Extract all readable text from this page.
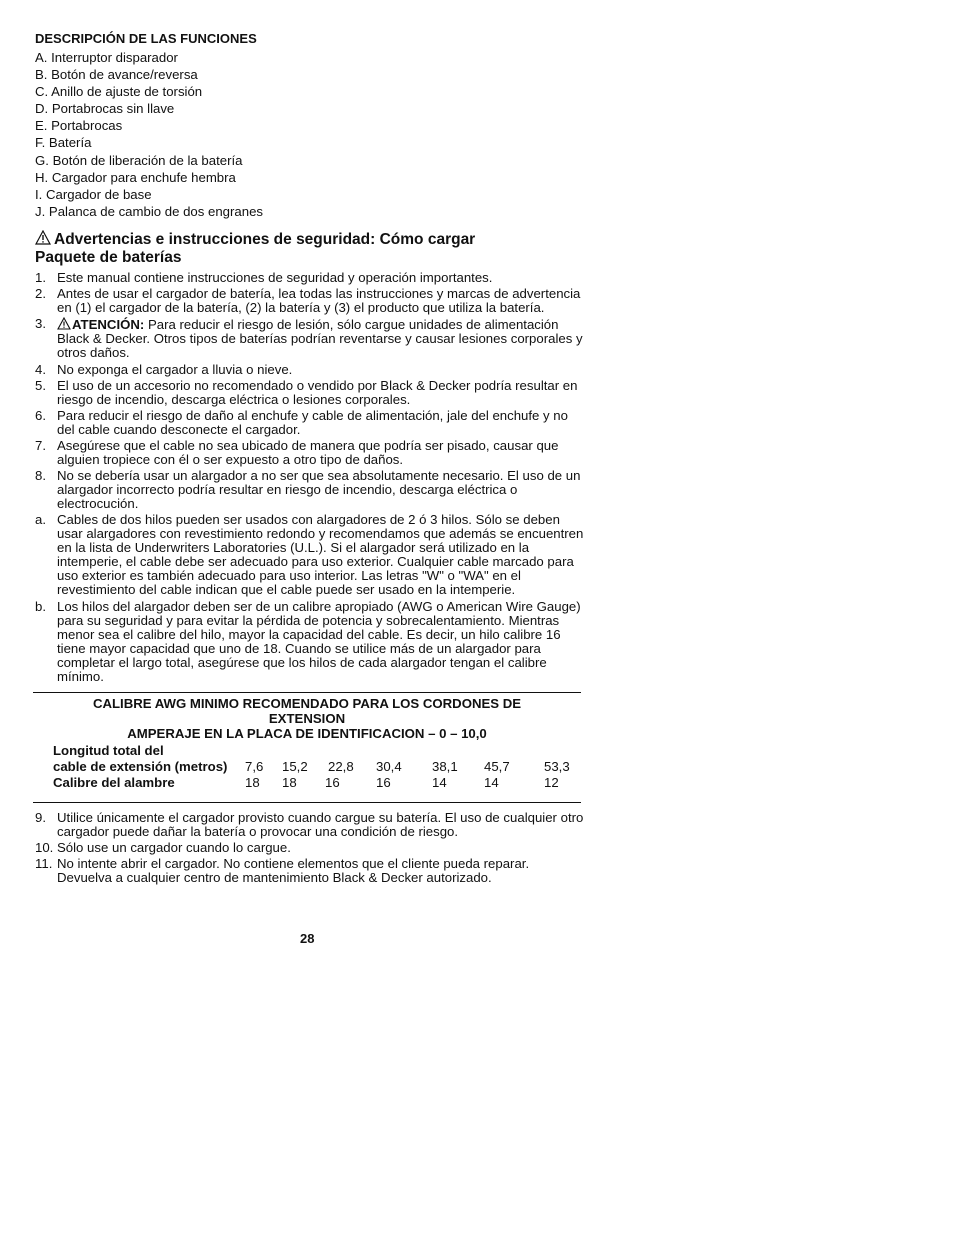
DESCRIPCIÓN DE LAS FUNCIONES
A. Interruptor disparador
B. Botón de avance/reversa
C. Anillo de ajuste de torsión
D. Portabrocas sin llave
E. Portabrocas
F. Batería
G. Botón de liberación de la batería
H. Cargador para enchufe hembra
I. Cargador de base
J. Palanca de cambio de dos engranes
Advertencias e instrucciones de seguridad: Cómo cargar
Paquete de baterías
1. Este manual contiene instrucciones de seguridad y operación importantes.
2. Antes de usar el cargador de batería, lea todas las instrucciones y marcas de advertencia en (1) el cargador de la batería, (2) la batería y (3) el producto que utiliza la batería.
3. ATENCIÓN: Para reducir el riesgo de lesión, sólo cargue unidades de alimentación Black & Decker. Otros tipos de baterías podrían reventarse y causar lesiones corporales y otros daños.
4. No exponga el cargador a lluvia o nieve.
5. El uso de un accesorio no recomendado o vendido por Black & Decker podría resultar en riesgo de incendio, descarga eléctrica o lesiones corporales.
6. Para reducir el riesgo de daño al enchufe y cable de alimentación, jale del enchufe y no del cable cuando desconecte el cargador.
7. Asegúrese que el cable no sea ubicado de manera que podría ser pisado, causar que alguien tropiece con él o ser expuesto a otro tipo de daños.
8. No se debería usar un alargador a no ser que sea absolutamente necesario. El uso de un alargador incorrecto podría resultar en riesgo de incendio, descarga eléctrica o electrocución.
a. Cables de dos hilos pueden ser usados con alargadores de 2 ó 3 hilos. Sólo se deben usar alargadores con revestimiento redondo y recomendamos que además se encuentren en la lista de Underwriters Laboratories (U.L.). Si el alargador será utilizado en la intemperie, el cable debe ser adecuado para uso exterior. Cualquier cable marcado para uso exterior es también adecuado para uso interior. Las letras "W" o "WA" en el revestimiento del cable indican que el cable puede ser usado en la intemperie.
b. Los hilos del alargador deben ser de un calibre apropiado (AWG o American Wire Gauge) para su seguridad y para evitar la pérdida de potencia y sobrecalentamiento. Mientras menor sea el calibre del hilo, mayor la capacidad del cable. Es decir, un hilo calibre 16 tiene mayor capacidad que uno de 18. Cuando se utilice más de un alargador para completar el largo total, asegúrese que los hilos de cada alargador tengan el calibre mínimo.
CALIBRE AWG MINIMO RECOMENDADO PARA LOS CORDONES DE
EXTENSION
AMPERAJE EN LA PLACA DE IDENTIFICACION – 0 – 10,0
Longitud total del
cable de extensión (metros) 7,6 15,2 22,8 30,4 38,1 45,7	53,3
Calibre del alambre	18 18 16	16	14	14	12
9. Utilice únicamente el cargador provisto cuando cargue su batería. El uso de cualquier otro cargador puede dañar la batería o provocar una condición de riesgo.
10. Sólo use un cargador cuando lo cargue.
11. No intente abrir el cargador. No contiene elementos que el cliente pueda reparar. Devuelva a cualquier centro de mantenimiento Black & Decker autorizado.
28
